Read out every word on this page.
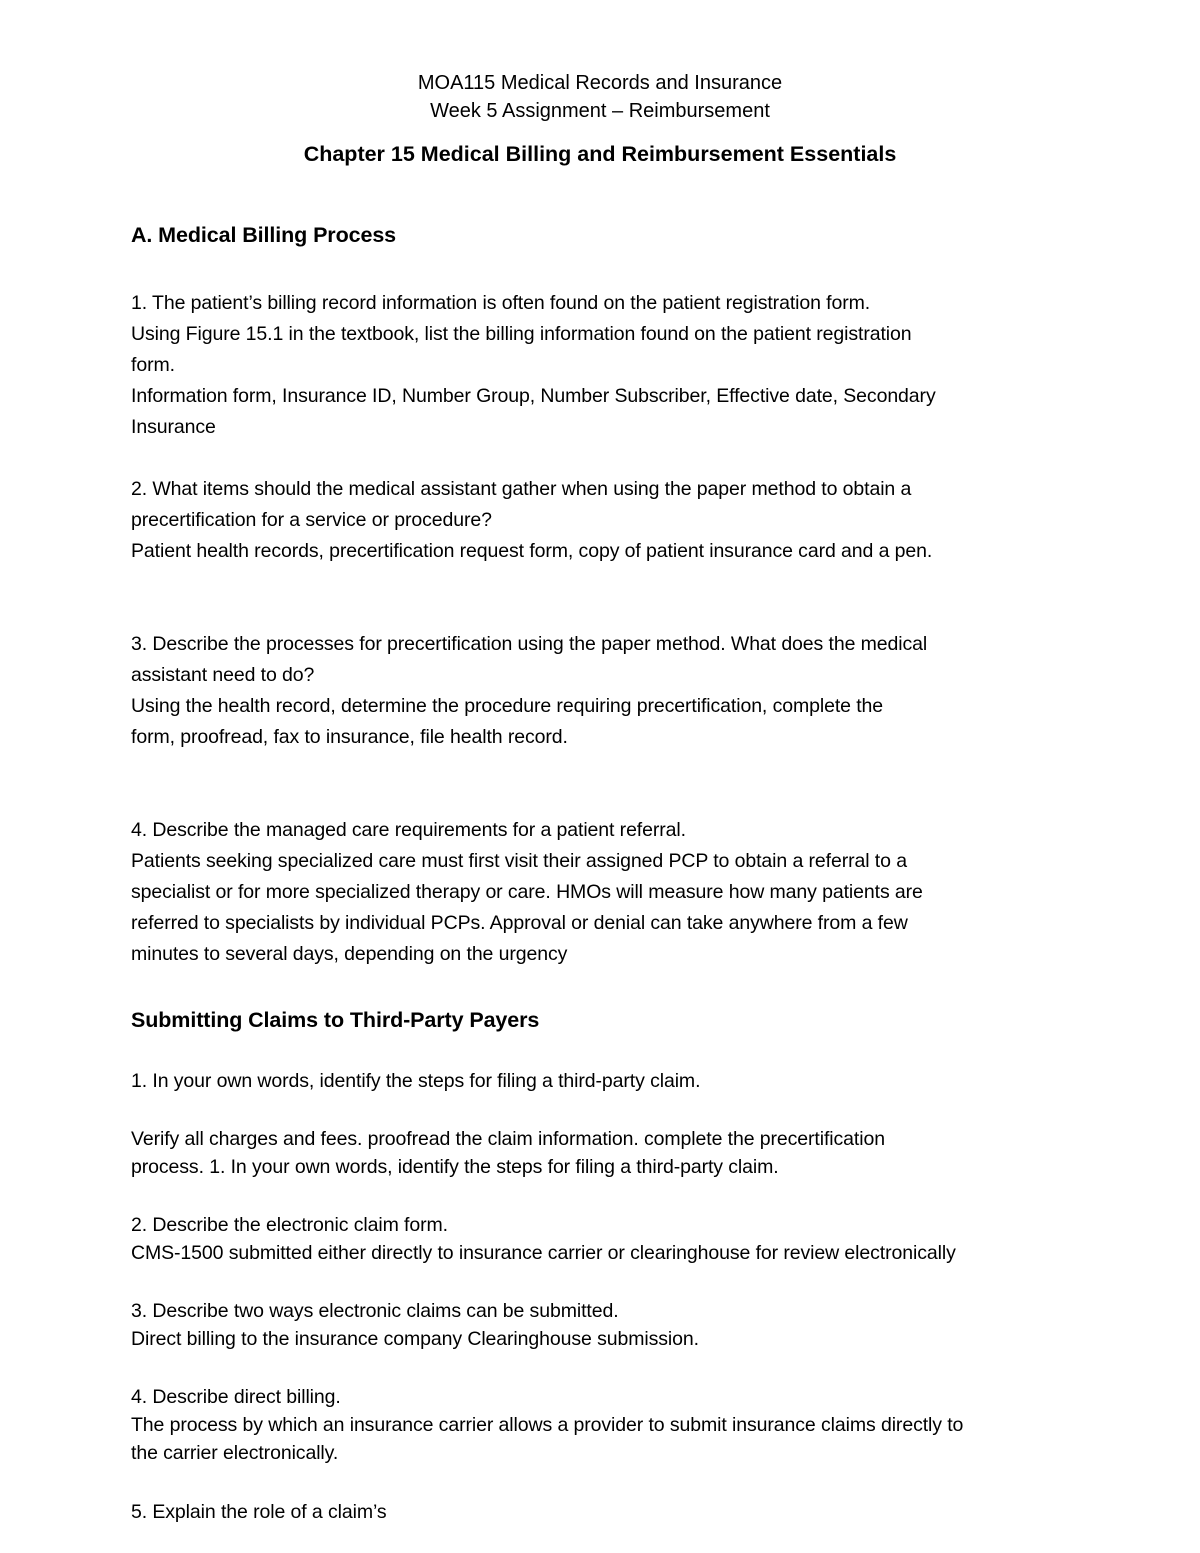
MOA115 Medical Records and Insurance
Week 5 Assignment – Reimbursement
Chapter 15 Medical Billing and Reimbursement Essentials
A. Medical Billing Process
1. The patient’s billing record information is often found on the patient registration form.
Using Figure 15.1 in the textbook, list the billing information found on the patient registration
form.
Information form, Insurance ID, Number Group, Number Subscriber, Effective date, Secondary
Insurance
2. What items should the medical assistant gather when using the paper method to obtain a
precertification for a service or procedure?
Patient health records, precertification request form, copy of patient insurance card and a pen.
3. Describe the processes for precertification using the paper method. What does the medical
assistant need to do?
Using the health record, determine the procedure requiring precertification, complete the
form, proofread, fax to insurance, file health record.
4. Describe the managed care requirements for a patient referral.
Patients seeking specialized care must first visit their assigned PCP to obtain a referral to a
specialist or for more specialized therapy or care. HMOs will measure how many patients are
referred to specialists by individual PCPs. Approval or denial can take anywhere from a few
minutes to several days, depending on the urgency
Submitting Claims to Third-Party Payers
1. In your own words, identify the steps for filing a third-party claim.
Verify all charges and fees. proofread the claim information. complete the precertification
process. 1. In your own words, identify the steps for filing a third-party claim.
2. Describe the electronic claim form.
CMS-1500 submitted either directly to insurance carrier or clearinghouse for review electronically
3. Describe two ways electronic claims can be submitted.
Direct billing to the insurance company Clearinghouse submission.
4. Describe direct billing.
The process by which an insurance carrier allows a provider to submit insurance claims directly to
the carrier electronically.
5. Explain the role of a claim’s
